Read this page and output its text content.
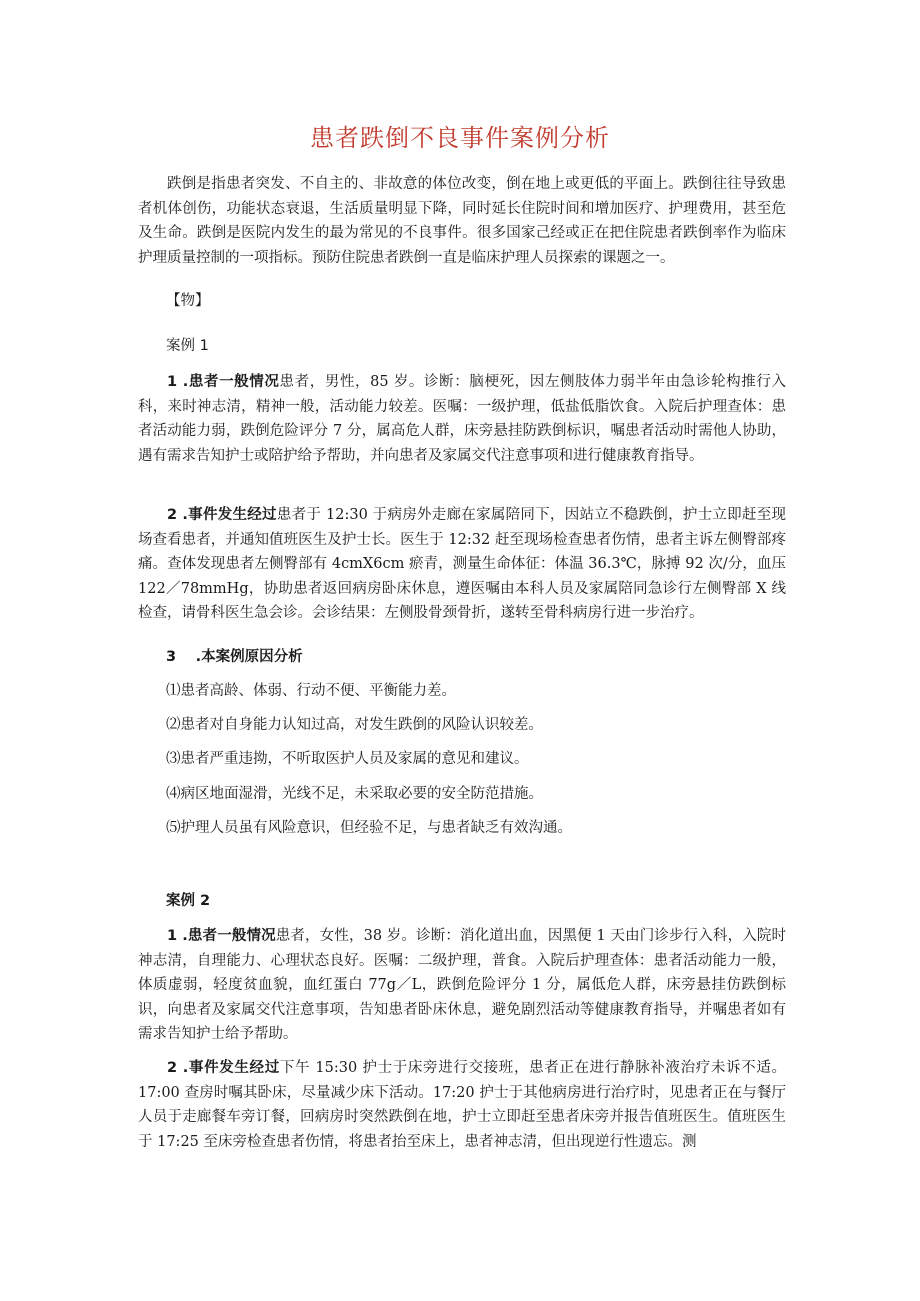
患者跌倒不良事件案例分析

跌倒是指患者突发、不自主的、非故意的体位改变，倒在地上或更低的平面上。跌倒往往导致患者机体创伤，功能状态衰退，生活质量明显下降，同时延长住院时间和增加医疗、护理费用，甚至危及生命。跌倒是医院内发生的最为常见的不良事件。很多国家己经或正在把住院患者跌倒率作为临床护理质量控制的一项指标。预防住院患者跌倒一直是临床护理人员探索的课题之一。

【物】

案例 1

1 .患者一般情况患者，男性，85 岁。诊断：脑梗死，因左侧肢体力弱半年由急诊轮构推行入科，来时神志清，精神一般，活动能力较差。医嘱：一级护理，低盐低脂饮食。入院后护理查体：患者活动能力弱，跌倒危险评分 7 分，属高危人群，床旁悬挂防跌倒标识，嘱患者活动时需他人协助，遇有需求告知护士或陪护给予帮助，并向患者及家属交代注意事项和进行健康教育指导。

2 .事件发生经过患者于 12:30 于病房外走廊在家属陪同下，因站立不稳跌倒，护士立即赶至现场查看患者，并通知值班医生及护士长。医生于 12:32 赶至现场检查患者伤情，患者主诉左侧臀部疼痛。查体发现患者左侧臀部有 4cmX6cm 瘀青，测量生命体征：体温 36.3℃，脉搏 92 次/分，血压 122／78mmHg，协助患者返回病房卧床休息，遵医嘱由本科人员及家属陪同急诊行左侧臀部 X 线检查，请骨科医生急会诊。会诊结果：左侧股骨颈骨折，遂转至骨科病房行进一步治疗。

3　 .本案例原因分析

⑴患者高龄、体弱、行动不便、平衡能力差。

⑵患者对自身能力认知过高，对发生跌倒的风险认识较差。

⑶患者严重违拗，不听取医护人员及家属的意见和建议。

⑷病区地面湿滑，光线不足，未采取必要的安全防范措施。

⑸护理人员虽有风险意识，但经验不足，与患者缺乏有效沟通。

案例 2

1 .患者一般情况患者，女性，38 岁。诊断：消化道出血，因黑便 1 天由门诊步行入科，入院时神志清，自理能力、心理状态良好。医嘱：二级护理，普食。入院后护理查体：患者活动能力一般，体质虚弱，轻度贫血貌，血红蛋白 77g／L，跌倒危险评分 1 分，属低危人群，床旁悬挂仿跌倒标识，向患者及家属交代注意事项，告知患者卧床休息，避免剧烈活动等健康教育指导，并嘱患者如有需求告知护士给予帮助。

2 .事件发生经过下午 15:30 护士于床旁进行交接班，患者正在进行静脉补液治疗未诉不适。17:00 查房时嘱其卧床，尽量减少床下活动。17:20 护士于其他病房进行治疗时，见患者正在与餐厅人员于走廊餐车旁订餐，回病房时突然跌倒在地，护士立即赶至患者床旁并报告值班医生。值班医生于 17:25 至床旁检查患者伤情，将患者抬至床上，患者神志清，但出现逆行性遗忘。测
